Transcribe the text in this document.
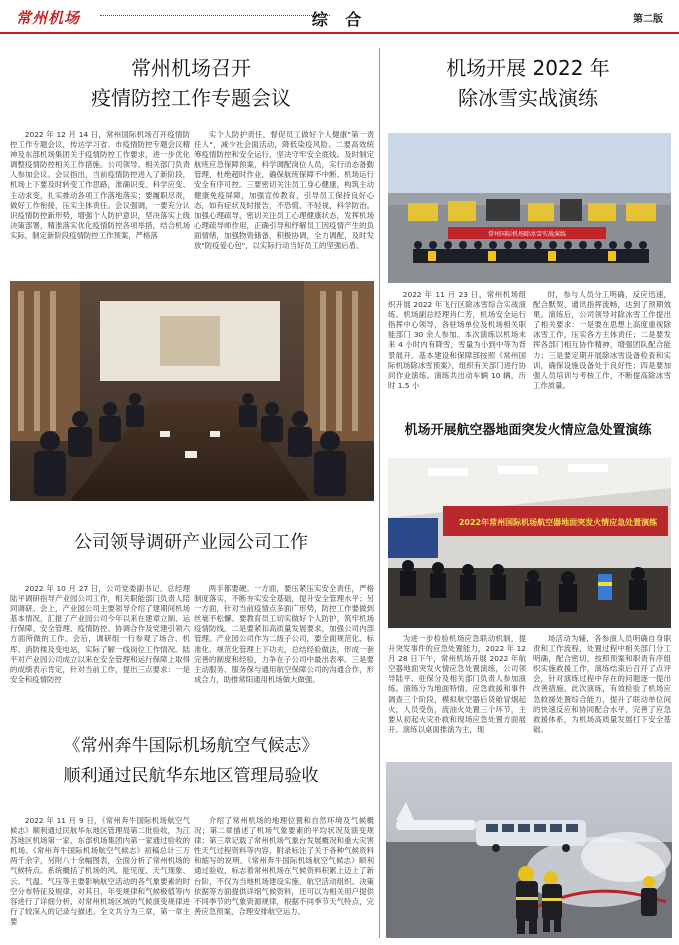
常州机场	综 合	第二版
常州机场召开
疫情防控工作专题会议

2022 年 12 月 14 日，常州国际机场召开疫情防控工作专题会议，传达学习省、市疫情防控专题会议精神及东部机场集团关于疫情防控工作要求，进一步优化调整疫情防控相关工作措施。公司领导、相关部门负责人参加会议。会议指出，当前疫情防控进入了新阶段，机场上下要及时转变工作思路，准确识变、科学应变、主动求变，扎实推动各项工作落地落实；要履职尽责，做好工作衔接，压实主体责任。会议强调，一要充分认识疫情防控新形势，增强个人防护意识，坚决落实上级决策部署，精准落实优化疫情防控各项举措，结合机场实际，制定新阶段疫情防控工作预案，严格落

实个人防护责任，督促员工做好个人健康"第一责任人"，减少社会面活动，降低染疫风险。二要高效统筹疫情防控和安全运行，坚决守牢安全底线。及时制定航班应急保障预案，科学调配岗位人员，实行动态备勤管理，杜绝超时作业，确保航班保障不中断、机场运行安全有序可控。三要密切关注员工身心健康，构筑主动健康免疫屏障，加强宣传教育，引导员工保持良好心态，如有症状及时报告，不恐慌、不轻视，科学防治。加强心理疏导，密切关注员工心理健康状态，发挥机场心理疏导师作用，正确引导和纾解员工因疫情产生的负面情绪，加强物资储备，积极协调，全力调配，及时发放"防疫爱心包"，以实际行动当好员工的坚强后盾。

公司领导调研产业园公司工作

2022 年 10 月 27 日，公司党委副书记、总经理陆平调研指导产业园公司工作，相关职能部门负责人陪同调研。会上，产业园公司主要领导介绍了建期间机场基本情况，汇报了产业园公司今年以来在建章立制、运行保障、安全管理、疫情防控、协调合作及党建引领六方面所做的工作。会后，调研组一行参观了场合、机库、消防楼及变电站，实际了解一线岗位工作情况。陆平对产业园公司成立以来在安全管理和运行保障上取得的成绩表示肯定，针对当前工作，提出三点要求：一是安全和疫情防控

两手都要硬。一方面，要压紧压实安全责任，严格制度落实，不断夯实安全基础，提升安全管理水平；另一方面，针对当前疫情点多面广形势，防控工作要做到丝毫不松懈。要教育员工切实做好个人防护，筑牢机场疫情防线。二是要紧扣高质量发展要求，加强公司内部管理。产业园公司作为二级子公司，要全面规范化、标准化、规范化管理上下功夫，总结经验做法，形成一套完善的制度和经验，力争在子公司中最出表率。三是要主动服务、服务保与通用航空保障公司的沟通合作，形成合力，助推常阳通用机场做大做强。

《常州奔牛国际机场航空气候志》
顺利通过民航华东地区管理局验收

2022 年 11 月 9 日，《常州奔牛国际机场航空气候志》顺利通过民航华东地区管理局第二批验收，为江苏地区机场第一家、东部机场集团内第一家通过验收的机场。《常州奔牛国际机场航空气候志》初稿总计三万两千余字，另附八十余幅图表，全面分析了常州机场的气候特点。系统概括了机场的风、能见度、天气现象、云、气温、气压等主要影响航空活动的各气象要素的时空分布特征及规律，对其日、年变规律和气候极值等内容进行了详细分析，对常州机场区域的气候演变规律进行了较深入的记录与描述。全文共分为三章，第一章主要

介绍了常州机场的地理位置和自然环境及气候概况；第二章描述了机场气象要素的平均状况及演变规律；第三章记载了常州机场气象台发展概况和重大灾害性天气过程资料等内容，附录标注了关于各种气候资料和缩写的说明。《常州奔牛国际机场航空气候志》顺利通过验收，标志着常州机场在气候资料积累上迈上了新台阶，不仅为当地机场建设实施、航空活动组织、决策依据等方面提供详细气候资料，还可以为相关用户提供不同季节的气象资源规律，根据不同季节天气特点，完善应急预案，合理安排航空运力。

机场开展 2022 年
除冰雪实战演练
常州国际机场除冰雪实战演练

2022 年 11 月 23 日，常州机场组织开展 2022 年飞行区除冰雪综合实战演练。机场副总经理肖仁芳，机场安全运行指挥中心领导，各驻场单位及机场相关职能部门 30 余人参加。本次演练以机场未来 4 小时内有降雪，雪量为小到中等为背景展开。基本建设和保障部按照《常州国际机场除冰雪预案》，组织有关部门进行协同作业演练。演练共出动车辆 10 辆，历时 1.5 小

时，参与人员分工明确，反应迅速，配合默契，通讯指挥流畅，达到了预期效果。演练后，公司领导对除冰雪工作提出了相关要求：一是要在思想上高度重视除冰雪工作，压实各方主体责任；二是要发挥各部门相互协作精神，增强团队配合能力；三是要定期开展除冰雪设备检查和实训，确保设施设备处于良好性；四是要加强人员培训与考核工作，不断提高除冰雪工作质量。

机场开展航空器地面突发火情应急处置演练
2022年常州国际机场航空器地面突发火情应急处置演练

为进一步检验机场应急联动机制，提升突发事件的应急处置能力，2022 年 12 月 28 日下午，常州机场开展 2022 年航空器地面突发火情应急处置演练，公司领导陆平、驻保分及相关部门负责人参加演练。演练分为地面特情、应急救援和事件调查三个阶段，模拟航空器后货舱冒烟起火，人员受伤，流油火处置三个环节，主要从初起火灾扑救和现场应急处置方面展开。演练以桌面推演为主，现

场活动为辅，各参演人员明确自身职责和工作流程，处置过程中相关部门分工明确，配合密切，按照预案和职责有序组织实施救援工作，演练结束后召开了点评会，针对演练过程中存在的问题逐一提出改善措施。此次演练，有效检验了机场应急救援处置综合能力，提升了联动单位间的快速反应和协同配合水平，完善了应急救援体系，为机场高质量发展打下安全基础。
